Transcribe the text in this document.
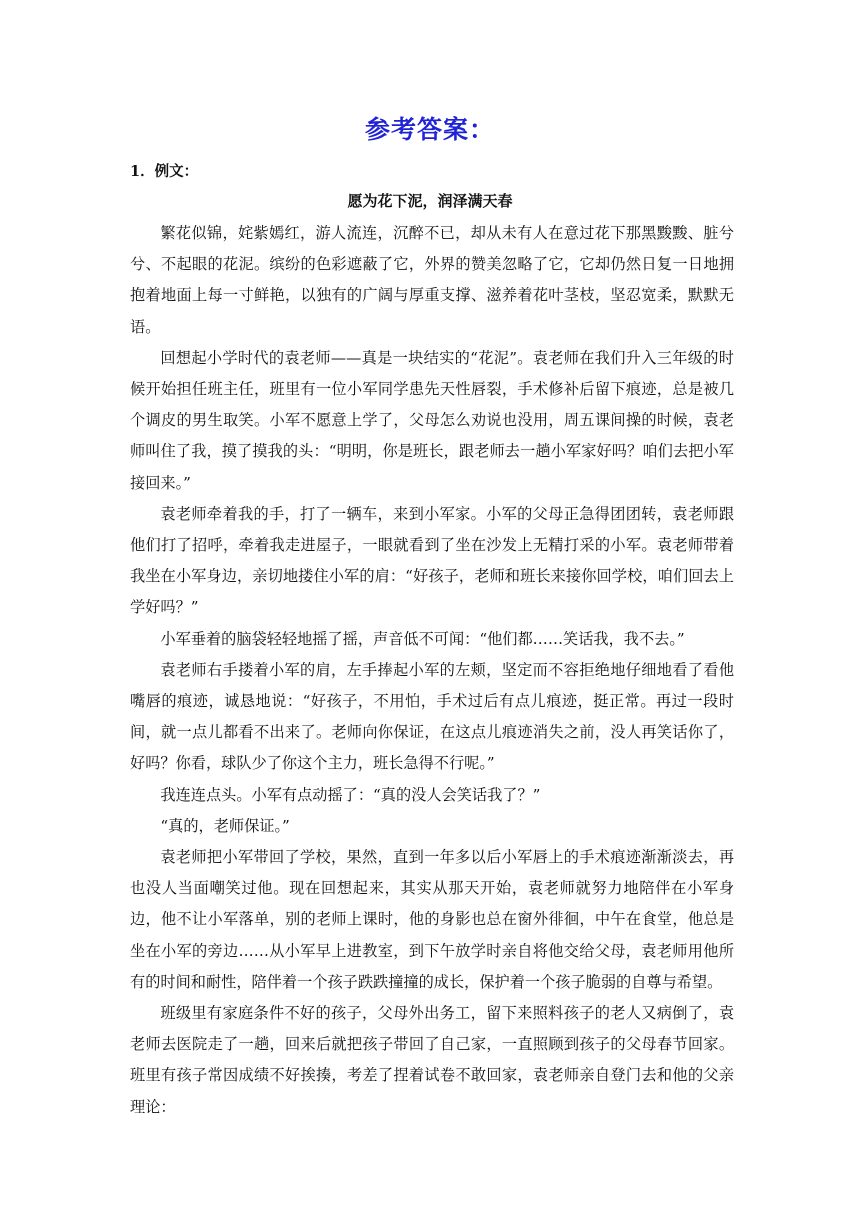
参考答案：
1．例文：
愿为花下泥，润泽满天春

繁花似锦，姹紫嫣红，游人流连，沉醉不已，却从未有人在意过花下那黑黢黢、脏兮兮、不起眼的花泥。缤纷的色彩遮蔽了它，外界的赞美忽略了它，它却仍然日复一日地拥抱着地面上每一寸鲜艳，以独有的广阔与厚重支撑、滋养着花叶茎枝，坚忍宽柔，默默无语。

回想起小学时代的袁老师——真是一块结实的“花泥”。袁老师在我们升入三年级的时候开始担任班主任，班里有一位小军同学患先天性唇裂，手术修补后留下痕迹，总是被几个调皮的男生取笑。小军不愿意上学了，父母怎么劝说也没用，周五课间操的时候，袁老师叫住了我，摸了摸我的头：“明明，你是班长，跟老师去一趟小军家好吗？咱们去把小军接回来。”

袁老师牵着我的手，打了一辆车，来到小军家。小军的父母正急得团团转，袁老师跟他们打了招呼，牵着我走进屋子，一眼就看到了坐在沙发上无精打采的小军。袁老师带着我坐在小军身边，亲切地搂住小军的肩：“好孩子，老师和班长来接你回学校，咱们回去上学好吗？”

小军垂着的脑袋轻轻地摇了摇，声音低不可闻：“他们都……笑话我，我不去。”

袁老师右手搂着小军的肩，左手捧起小军的左颊，坚定而不容拒绝地仔细地看了看他嘴唇的痕迹，诚恳地说：“好孩子，不用怕，手术过后有点儿痕迹，挺正常。再过一段时间，就一点儿都看不出来了。老师向你保证，在这点儿痕迹消失之前，没人再笑话你了，好吗？你看，球队少了你这个主力，班长急得不行呢。”

我连连点头。小军有点动摇了：“真的没人会笑话我了？”

“真的，老师保证。”

袁老师把小军带回了学校，果然，直到一年多以后小军唇上的手术痕迹渐渐淡去，再也没人当面嘲笑过他。现在回想起来，其实从那天开始，袁老师就努力地陪伴在小军身边，他不让小军落单，别的老师上课时，他的身影也总在窗外徘徊，中午在食堂，他总是坐在小军的旁边……从小军早上进教室，到下午放学时亲自将他交给父母，袁老师用他所有的时间和耐性，陪伴着一个孩子跌跌撞撞的成长，保护着一个孩子脆弱的自尊与希望。

班级里有家庭条件不好的孩子，父母外出务工，留下来照料孩子的老人又病倒了，袁老师去医院走了一趟，回来后就把孩子带回了自己家，一直照顾到孩子的父母春节回家。班里有孩子常因成绩不好挨揍，考差了捏着试卷不敢回家，袁老师亲自登门去和他的父亲理论：
